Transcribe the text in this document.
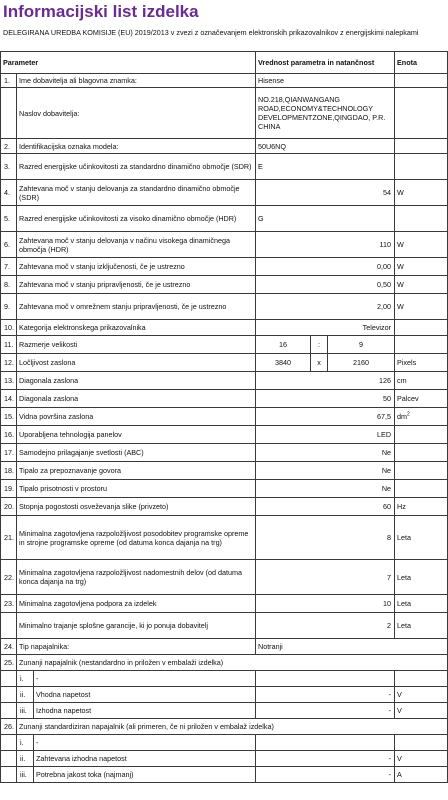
Informacijski list izdelka
DELEGIRANA UREDBA KOMISIJE (EU) 2019/2013 v zvezi z označevanjem elektronskih prikazovalnikov z energijskimi nalepkami
Parameter			Vrednost parametra in natančnost			Enota
1.	Ime dobavitelja ali blagovna znamka:		Hisense			
	Naslov dobavitelja:		NO.218,QIANWANGANG ROAD,ECONOMY&TECHNOLOGY DEVELOPMENTZONE,QINGDAO, P.R. CHINA			
2.	Identifikacijska oznaka modela:		50U6NQ			
3.	Razred energijske učinkovitosti za standardno dinamično območje (SDR)		E			
4.	Zahtevana moč v stanju delovanja za standardno dinamično območje (SDR)		54			W
5.	Razred energijske učinkovitosti za visoko dinamično območje (HDR)		G			
6.	Zahtevana moč v stanju delovanja v načinu visokega dinamičnega območja (HDR)		110			W
7.	Zahtevana moč v stanju izključenosti, če je ustrezno		0,00			W
8.	Zahtevana moč v stanju pripravljenosti, če je ustrezno		0,50			W
9.	Zahtevana moč v omrežnem stanju pripravljenosti, če je ustrezno		2,00			W
10.	Kategorija elektronskega prikazovalnika		Televizor			
11.	Razmerje velikosti		16	:	9	
12.	Ločljivost zaslona		3840	x	2160	Pixels
13.	Diagonala zaslona		126			cm
14.	Diagonala zaslona		50			Palcev
15.	Vidna površina zaslona		67,5			$dm^2$
16.	Uporabljena tehnologija panelov		LED			
17.	Samodejno prilagajanje svetlosti (ABC)		Ne			
18.	Tipalo za prepoznavanje govora		Ne			
19.	Tipalo prisotnosti v prostoru		Ne			
20.	Stopnja pogostosti osveževanja slike (privzeto)		60			Hz
21.	Minimalna zagotovljena razpoložljivost posodobitev programske opreme in strojne programske opreme (od datuma konca dajanja na trg)		8			Leta
22.	Minimalna zagotovljena razpoložljivost nadomestnih delov (od datuma konca dajanja na trg)		7			Leta
23.	Minimalna zagotovljena podpora za izdelek		10			Leta
	Minimalno trajanje splošne garancije, ki jo ponuja dobavitelj		2			Leta
24.	Tip napajalnika:		Notranji			
25.	Zunanji napajalnik (nestandardno in priložen v embalaži izdelka)					
	i.	-				
	ii.	Vhodna napetost	-			V
	iii.	Izhodna napetost	-			V
26.	Zunanji standardiziran napajalnik (ali primeren, če ni priložen v embalaž izdelka)					
	i.	-				
	ii.	Zahtevana izhodna napetost	-			V
	iii.	Potrebna jakost toka (najmanj)	-			A
